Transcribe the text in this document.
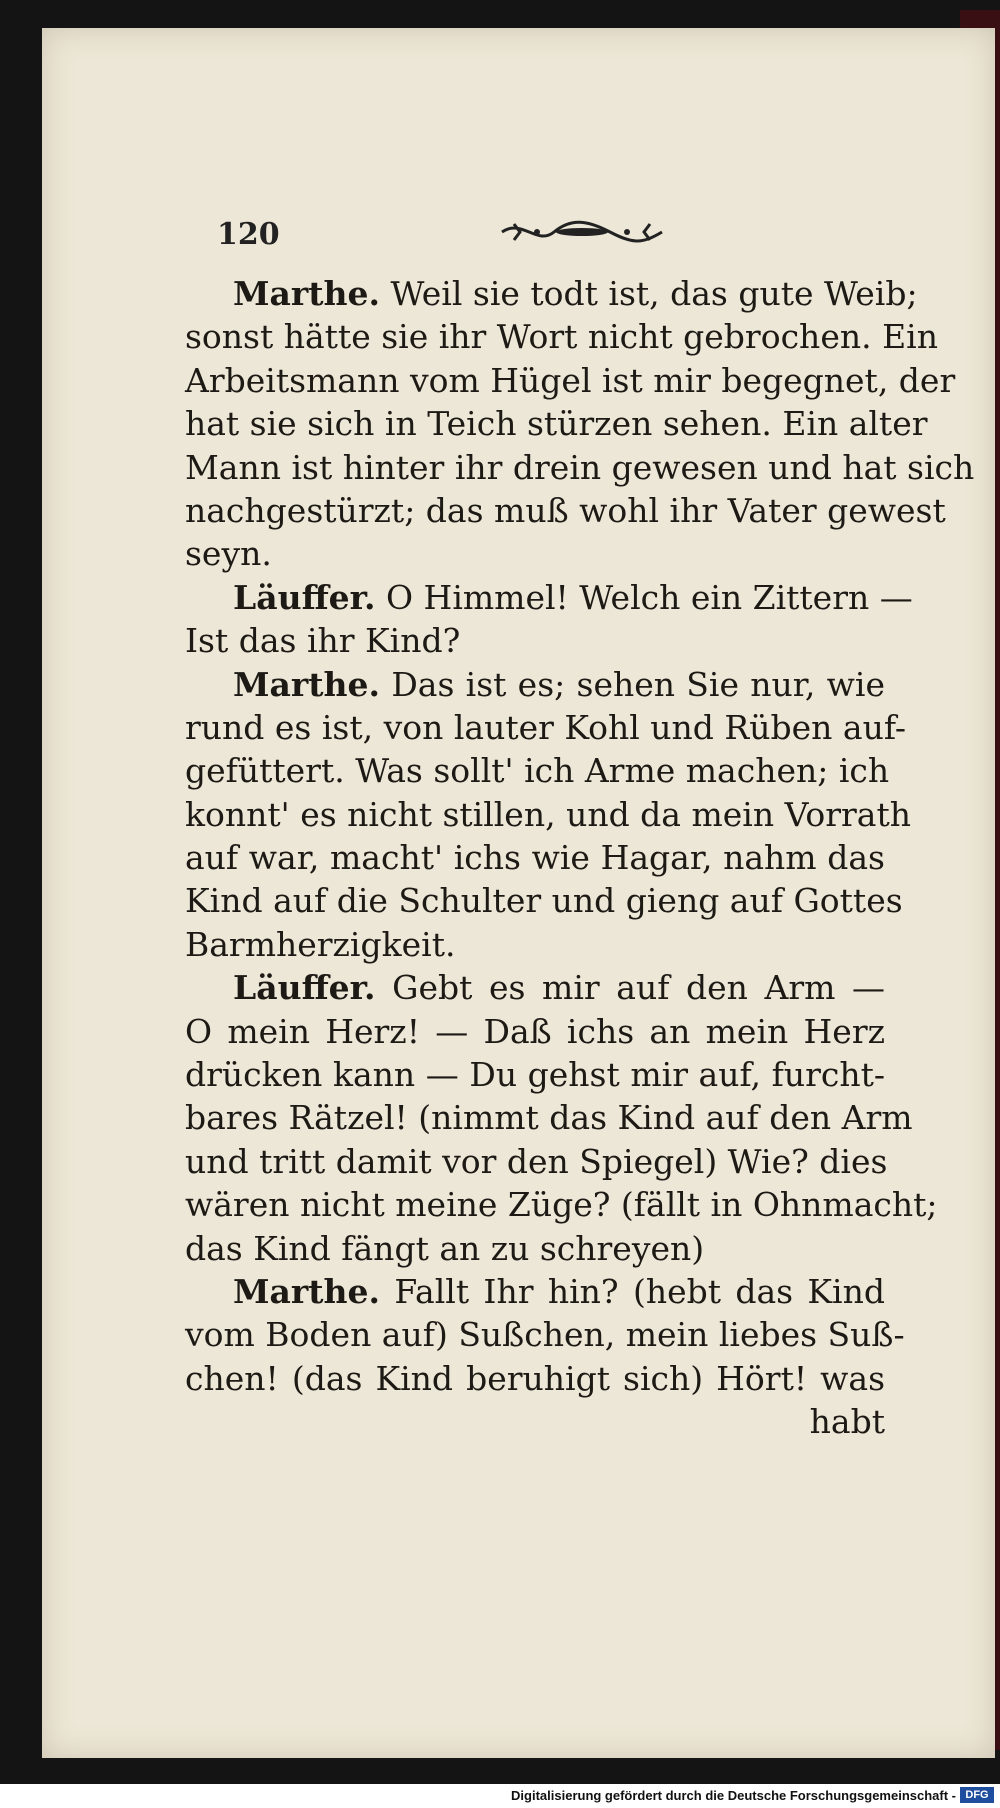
120
Marthe. Weil sie todt ist, das gute Weib;
sonst hätte sie ihr Wort nicht gebrochen. Ein
Arbeitsmann vom Hügel ist mir begegnet, der
hat sie sich in Teich stürzen sehen. Ein alter
Mann ist hinter ihr drein gewesen und hat sich
nachgestürzt; das muß wohl ihr Vater gewest
seyn.
Läuffer. O Himmel! Welch ein Zittern —
Ist das ihr Kind?
Marthe. Das ist es; sehen Sie nur, wie
rund es ist, von lauter Kohl und Rüben auf-
gefüttert. Was sollt' ich Arme machen; ich
konnt' es nicht stillen, und da mein Vorrath
auf war, macht' ichs wie Hagar, nahm das
Kind auf die Schulter und gieng auf Gottes
Barmherzigkeit.
Läuffer. Gebt es mir auf den Arm —
O mein Herz! — Daß ichs an mein Herz
drücken kann — Du gehst mir auf, furcht-
bares Rätzel! (nimmt das Kind auf den Arm
und tritt damit vor den Spiegel) Wie? dies
wären nicht meine Züge? (fällt in Ohnmacht;
das Kind fängt an zu schreyen)
Marthe. Fallt Ihr hin? (hebt das Kind
vom Boden auf) Sußchen, mein liebes Suß-
chen! (das Kind beruhigt sich) Hört! was
habt
Digitalisierung gefördert durch die Deutsche Forschungsgemeinschaft - DFG
